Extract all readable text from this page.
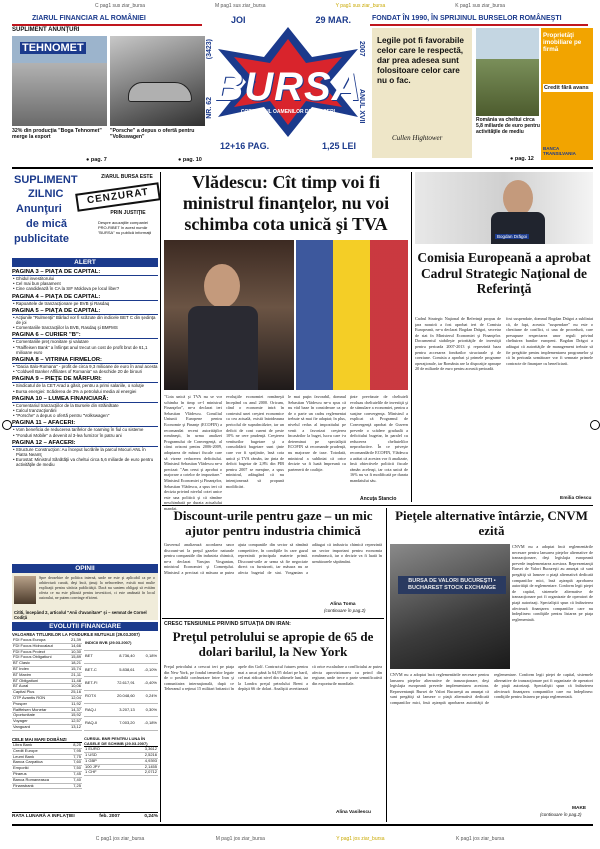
C pag1 sus ziar_bursa	M pag1 sus ziar_bursa	Y pag1 sus ziar_bursa	K pag1 sus ziar_bursa
ZIARUL FINANCIAR AL ROMÂNIEI	FONDAT ÎN 1990, ÎN SPRIJINUL BURSELOR ROMÂNEŞTI
SUPLIMENT ANUNŢURI
TEHNOMET
32% din producţia "Boga Tehnomet" merge la export
● pag. 7
"Porsche" a depus o ofertă pentru "Volkswagen"
● pag. 10
JOI	29 MAR.
BURSA
COTIDIANUL OAMENILOR DE AFACERI
(3423)
NR. 62
2007
ANUL XVII
12+16 PAG.	1,25 LEI
Legile pot fi favorabile celor care le respectă, dar prea adesea sunt folositoare celor care nu o fac.
Cullen Hightower
România va cheltui circa 5,8 miliarde de euro pentru activităţile de mediu
● pag. 12
Proprietăţi imobiliare pe firmă
Credit fără avans
BANCA TRANSILVANIA
SUPLIMENT
ZILNIC
Anunţuri
de mică
publicitate
ZIARUL BURSA ESTE
CENZURAT
PRIN JUSTIŢIE
Despre acuzaţiile companiei PRO-RIBET în acest număr "BURSA" nu publică informaţii
ALERT
PAGINA 3 – PIAŢA DE CAPITAL:
• Ghidul investitorului
• Cel mai bun plasament
• Cine candidează în CA la SIF Moldova pe locul liber?
PAGINA 4 – PIAŢA DE CAPITAL:
• Rapoartele de tranzacţionare pe BVB şi Rasdaq
PAGINA 5 – PIAŢA DE CAPITAL:
• Acţiunile "Rulmenţii" Bârlad vor fi scăzute din indicele BET C din şedinţa de joi
• Comentariile tranzacţiilor la BVB, Rasdaq şi BMFMS
PAGINA 6 – CURIER "B":
• Comentariile preţ monitare şi valutare
• "Raiffeisen Bank" a înfiinţat anul trecut un cost de profit brut de 61,1 milioane euro
PAGINA 8 – VITRINA FIRMELOR:
• "Dacia Italo-Romana" - profit de circa 9,3 milioane de euro în anul acesta
• "Coldwell Banker Affiliates of Romania" va deschide 20 de birouri
PAGINA 9 – PIEŢE DE MĂRFURI:
• Sindicatul de la CET Arad a găsit, pentru a primi salariile, o soluţie
• Bursa energiei: Scăderea de 3% a petrolului media al energiei
PAGINA 10 – LUMEA FINANCIARĂ:
• Comentariul tranzacţiilor de la Bursele din străinătate
• Calcul tranzacţionării
• "Porsche" a depus o ofertă pentru "Volkswagen"
PAGINA 11 – AFACERI:
• Vom beneficia de reducerea tarifelor de roaming în fiul cu sisteme
• "Fonduri Mobile" a devenit al 3-lea furnizor în patru ani
PAGINA 12 – AFACERI:
• Structure Construcţion: Au început lucrările la parcul Mocuri ANL în Piatra Neamţ
• Eurostat: Ministrul Sănătăţii va cheltui circa 5,6 miliarde de euro pentru activităţile de mediu
OPINII
Spre deosebire de politica internă, unde ne este şi aplicabil ca pe o arhitectură curată, deşi încă, ţinuţi la neîncredere, există mai multe explicaţii pentru sărăcia publicităţii. Dacă nu suntem obligaţi să evităm oferta ce nu este plăcută pentru investitori, ci este amânată în locul autorului, ne putem convinge eficient.
Cititi, începând 2, articolul "Anii d'avanitare" şi – semnat de Cornel Codiţă
EVOLUTII FINANCIARE
VALOAREA TITLURILOR LA FONDURILE MUTUALE (29.03.2007)
FDI Focus Europa	21,39
FDI Focus Hidrocalaut	14,66
FDI Focus Proiect	10,30
FDI Focus Obligatiuni	15,89
BT Clasic	18,21
BT Index	15,74
BT Maxim	21,11
BT Obligatiuni	11,48
BT Aural	10,06
Capital Plus	25,16
OTP Avantis RON	12,04
Prosper	11,92
Raiffeisen Monetar	14,37
Oportunitate	15,92
Voyager	12,57
Vanguard	13,12
INDICII BVB (29.03.2007)		
BET	8.736,40	0,18%
BET-C	5.838,61	-0,10%
BET-FI	72.617,91	-0,40%
ROTX	20.048,60	0,24%
RAQ-I	3.207,13	0,30%
RAQ-II	7.003,20	-0,18%
CELE MAI MARI DOBÂNZI
Libra Bank	8,25
Credit Europe	7,95
Leumi Bank	7,75
Banca Carpatica	7,60
Emporiki	7,50
Piraeus	7,45
Banca Romaneasca	7,40
Finansbank	7,25
CURSUL BNR PENTRU LUNA ÎN CASELE DE SCHIMB (29.03.2007)
1 EURO	3,3612
1 USD	2,5216
1 GBP	4,9393
100 JPY	2,1455
1 CHF	2,0712
RATA LUNARĂ A INFLAŢIEI	feb. 2007	0,24%
Vlădescu: Cît timp voi fi ministrul finanţelor, nu voi schimba cota unică şi TVA
"Cota unică şi TVA nu se vor schimba în timp ce-l ministrul Finanţelor", ne-a declarat ieri Sebastian Vlădescu. Consiliul Uniunii Europene pentru Economie şi Finanţe (ECOFIN) a recomandat recent autorităţilor româneşti, în urma analizei Programului de Convergenţă, al cărui orizont pentru 2006-2009, adoptarea de măsuri fiscale care să vizeze reducerea deficitului. Ministrul Sebastian Vlădescu ne-a precizat: "Am cerut şi aprobat o majorare a cotelor de impozitare." Ministrul Economiei şi Finanţelor, Sebastian Vlădescu, a spus ieri că decizia privind nivelul cotei unice este una politică şi că rămâne neschimbată pe durata actualului mandat.
evoluţiile economiei româneşti începând cu anul 2000. Oricum, când o economie intră în contextul unei creşteri economice ca cea actuală, există întotdeauna pericolul de supraîncălzire, iar un deficit de cont curent de peste 10% ne cere prudenţă. Creşterea veniturilor bugetare şi a consolidării bugetare sunt ţinte care vor fi sprijinite, însă cota unică şi TVA rămân, iar ţinta de deficit bugetar de 2,8% din PIB pentru 2007 se menţine, a spus ministrul, adăugând că nu intenţionează să propună modificări.
le mai puţin favorabil, domnul Sebastian Vlădescu ne-a spus că nu văd baze în considerare ca pe de o parte un cadru reglementat trebuie să mai fie adaptat; în plus, nivelul redus al impozitului pe venit a favorizat creşterea încasărilor la buget, lucru care i-a determinat pe specialiştii ECOFIN să recomande prudenţă, nu majorare de taxe. Totodată, ministrul a subliniat că orice decizie va fi luată împreună cu partenerii de coaliţie.
ţinte prevăzute de cheltuieli evoluau cheltuielile de investiţii şi de stimulare a economiei, pentru a susţine convergenţa. Ministrul a explicat că Programul de Convergenţă aprobat de Guvern prevede o scădere graduală a deficitului bugetar, în paralel cu reducerea cheltuielilor neproductive. În ce priveşte recomandările ECOFIN, Vlădescu a arătat că acestea vor fi analizate, însă obiectivele politicii fiscale rămân aceleaşi, iar cota unică de 16% nu va fi modificată pe durata mandatului său.
Ancuţa Stancio
Bogdan Drăgoi
Comisia Europeană a aprobat Cadrul Strategic Naţional de Referinţă
Cadrul Strategic Naţional de Referinţă propus de ţara noastră a fost aprobat ieri de Comisia Europeană, ne-a declarat Bogdan Drăgoi, secretar de stat în Ministerul Economiei şi Finanţelor. Documentul stabileşte priorităţile de investiţii pentru perioada 2007-2013 şi reprezintă baza pentru accesarea fondurilor structurale şi de coeziune. Comisia a aprobat şi primele programe operaţionale, iar România are la dispoziţie aproape 20 de miliarde de euro pentru această perioadă.
fost suspendate, domnul Bogdan Drăgoi a subliniat că, de fapt, aceasta "suspendare" nu este o chestiune de conflict, ci una de procedură, care presupune respectarea unor reguli privind cheltuirea banilor europeni. Bogdan Drăgoi a adăugat că autorităţile de management trebuie să fie pregătite pentru implementarea programelor şi că în perioada următoare vor fi semnate primele contracte de finanţare cu beneficiarii.
Emilia Olescu
Discount-urile pentru gaze – un mic ajutor pentru industria chimică
Guvernul analizează acordarea unor discount-uri la preţul gazelor naturale pentru companiile din industria chimică, ne-a declarat Varujan Vosganian, ministrul Economiei şi Comerţului. Ministrul a precizat că măsura ar putea ajuta companiile din sector să rămână competitive, în condiţiile în care gazul reprezintă principala materie primă. Discount-urile ar urma să fie negociate direct cu furnizorii, iar măsura nu ar afecta bugetul de stat. Vosganian a adăugat că industria chimică reprezintă un sector important pentru economia românească, iar o decizie va fi luată în următoarele săptămâni.
Alina Toma
(continuare în pag.2)
CRESC TENSIUNILE PRIVIND SITUAŢIA DIN IRAN:
Preţul petrolului se apropie de 65 de dolari barilul, la New York
Preţul petrolului a crescut ieri pe piaţa din New York, pe fondul temerilor legate de o posibilă confruntare între Iran şi comunitatea internaţională, după ce Teheranul a reţinut 15 militari britanici în apele din Golf. Contractul futures pentru mai a urcat până la 64,95 dolari pe baril, cel mai ridicat nivel din ultimele luni, iar la Londra preţul petrolului Brent a depăşit 66 de dolari. Analiştii avertizează că orice escaladare a conflictului ar putea afecta aprovizionarea cu petrol din regiune, unde trece o parte semnificativă din exporturile mondiale.
Alina Vasilescu
Pieţele alternative întârzie, CNVM ezită
BURSA DE VALORI BUCUREŞTI • BUCHAREST STOCK EXCHANGE
CNVM nu a adoptat încă reglementările necesare pentru lansarea pieţelor alternative de tranzacţionare, deşi legislaţia europeană prevede implementarea acestora. Reprezentanţii Bursei de Valori Bucureşti au anunţat că sunt pregătiţi să lanseze o piaţă alternativă dedicată companiilor mici, însă aşteaptă aprobarea autorităţii de reglementare. Conform legii pieţei de capital, sistemele alternative de tranzacţionare pot fi organizate de operatori de piaţă autorizaţi. Specialiştii spun că întârzierea afectează finanţarea companiilor care nu îndeplinesc condiţiile pentru listarea pe piaţa reglementată.
CNVM nu a adoptat încă reglementările necesare pentru lansarea pieţelor alternative de tranzacţionare, deşi legislaţia europeană prevede implementarea acestora. Reprezentanţii Bursei de Valori Bucureşti au anunţat că sunt pregătiţi să lanseze o piaţă alternativă dedicată companiilor mici, însă aşteaptă aprobarea autorităţii de reglementare. Conform legii pieţei de capital, sistemele alternative de tranzacţionare pot fi organizate de operatori de piaţă autorizaţi. Specialiştii spun că întârzierea afectează finanţarea companiilor care nu îndeplinesc condiţiile pentru listarea pe piaţa reglementată.
MAKE
(continuare în pag.2)
C pag1 jos ziar_bursa	M pag1 jos ziar_bursa	Y pag1 jos ziar_bursa	K pag1 jos ziar_bursa
